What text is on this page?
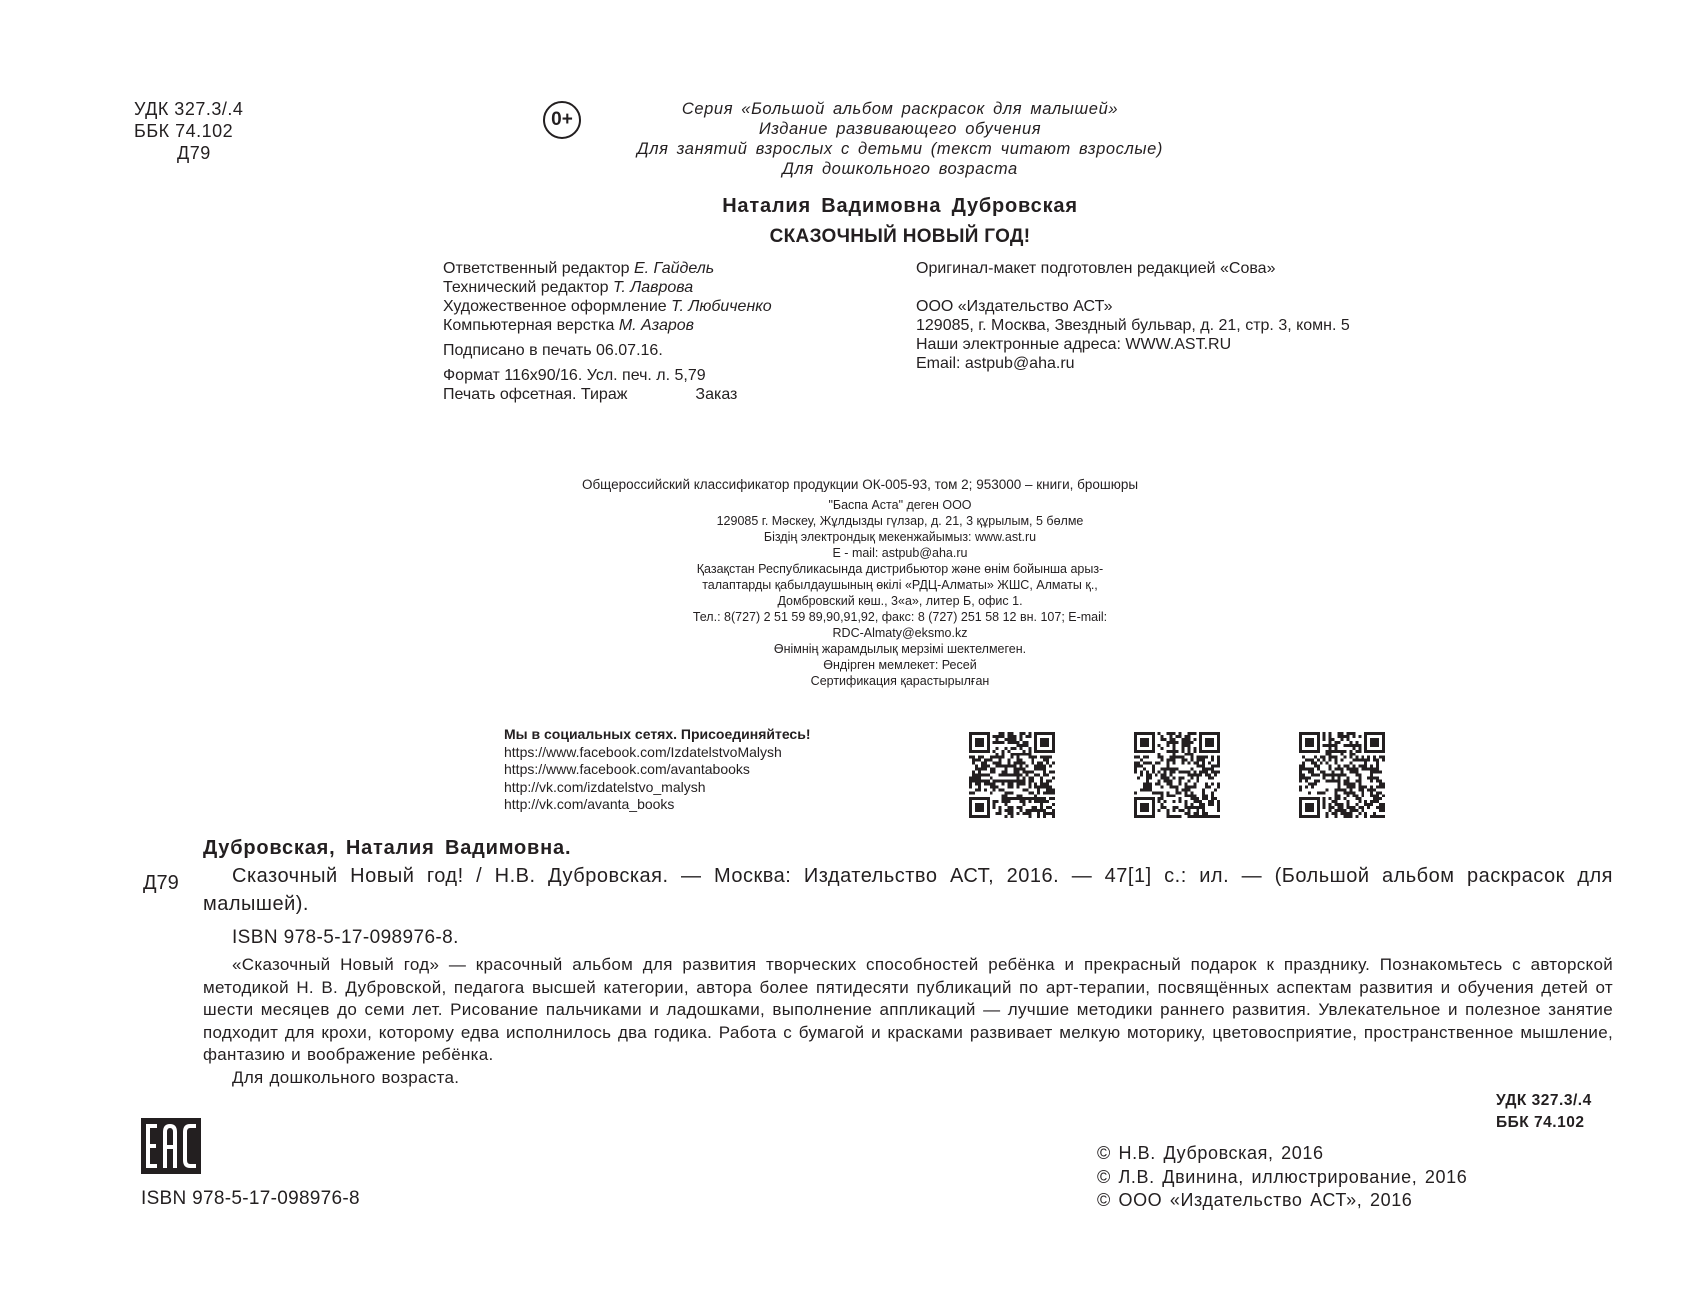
УДК 327.3/.4
ББК 74.102
Д79
0+	Серия «Большой альбом раскрасок для малышей»
Издание развивающего обучения
Для занятий взрослых с детьми (текст читают взрослые)
Для дошкольного возраста
Наталия Вадимовна Дубровская
СКАЗОЧНЫЙ НОВЫЙ ГОД!
Ответственный редактор Е. Гайдель
Технический редактор Т. Лаврова
Художественное оформление Т. Любиченко
Компьютерная верстка М. Азаров
Подписано в печать 06.07.16.
Формат 116x90/16. Усл. печ. л. 5,79
Печать офсетная. Тираж	Заказ
Оригинал-макет подготовлен редакцией «Сова»
ООО «Издательство АСТ»
129085, г. Москва, Звездный бульвар, д. 21, стр. 3, комн. 5
Наши электронные адреса: WWW.AST.RU
Email: astpub@aha.ru
Общероссийский классификатор продукции ОК-005-93, том 2; 953000 – книги, брошюры
"Баспа Аста" деген ООО
129085 г. Мәскеу, Жұлдызды гүлзар, д. 21, 3 құрылым, 5 бөлме
Біздің электрондық мекенжайымыз: www.ast.ru
E - mail: astpub@aha.ru
Қазақстан Республикасында дистрибьютор және өнім бойынша арыз-
талаптарды қабылдаушының өкілі «РДЦ-Алматы» ЖШС, Алматы қ.,
Домбровский көш., 3«а», литер Б, офис 1.
Тел.: 8(727) 2 51 59 89,90,91,92, факс: 8 (727) 251 58 12 вн. 107; E-mail:
RDC-Almaty@eksmo.kz
Өнімнің жарамдылық мерзімі шектелмеген.
Өндірген мемлекет: Ресей
Сертификация қарастырылған
Мы в социальных сетях. Присоединяйтесь!
https://www.facebook.com/IzdatelstvoMalysh
https://www.facebook.com/avantabooks
http://vk.com/izdatelstvo_malysh
http://vk.com/avanta_books
Дубровская, Наталия Вадимовна.
Д79	Сказочный Новый год! / Н.В. Дубровская. — Москва: Издательство АСТ, 2016. — 47[1] с.: ил. — (Большой альбом раскрасок для малышей).
ISBN 978-5-17-098976-8.

«Сказочный Новый год» — красочный альбом для развития творческих способностей ребёнка и прекрасный подарок к празднику. Познакомьтесь с авторской методикой Н. В. Дубровской, педагога высшей категории, автора более пятидесяти публикаций по арт-терапии, посвящённых аспектам развития и обучения детей от шести месяцев до семи лет. Рисование пальчиками и ладошками, выполнение аппликаций — лучшие методики раннего развития. Увлекательное и полезное занятие подходит для крохи, которому едва исполнилось два годика. Работа с бумагой и красками развивает мелкую моторику, цветовосприятие, пространственное мышление, фантазию и воображение ребёнка.

Для дошкольного возраста.

УДК 327.3/.4
ББК 74.102
ЕАС
ISBN 978-5-17-098976-8
© Н.В. Дубровская, 2016
© Л.В. Двинина, иллюстрирование, 2016
© ООО «Издательство АСТ», 2016
